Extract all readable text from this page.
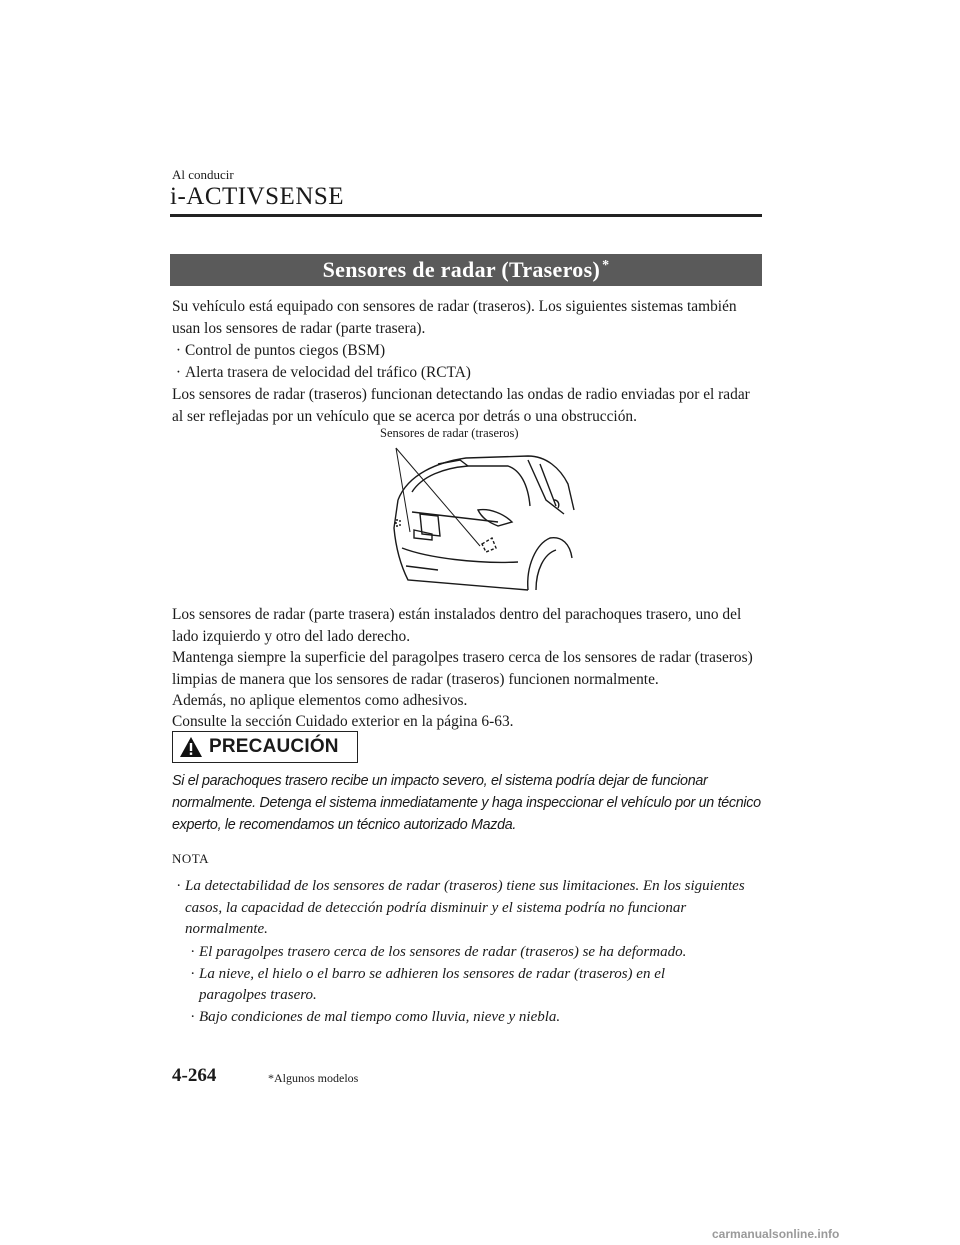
Al conducir
i-ACTIVSENSE
Sensores de radar (Traseros)*
Su vehículo está equipado con sensores de radar (traseros). Los siguientes sistemas también usan los sensores de radar (parte trasera).
· Control de puntos ciegos (BSM)
· Alerta trasera de velocidad del tráfico (RCTA)
Los sensores de radar (traseros) funcionan detectando las ondas de radio enviadas por el radar al ser reflejadas por un vehículo que se acerca por detrás o una obstrucción.
Sensores de radar (traseros)
Los sensores de radar (parte trasera) están instalados dentro del parachoques trasero, uno del lado izquierdo y otro del lado derecho.
Mantenga siempre la superficie del paragolpes trasero cerca de los sensores de radar (traseros) limpias de manera que los sensores de radar (traseros) funcionen normalmente.
Además, no aplique elementos como adhesivos.
Consulte la sección Cuidado exterior en la página 6-63.
PRECAUCIÓN
Si el parachoques trasero recibe un impacto severo, el sistema podría dejar de funcionar normalmente. Detenga el sistema inmediatamente y haga inspeccionar el vehículo por un técnico experto, le recomendamos un técnico autorizado Mazda.
NOTA
· La detectabilidad de los sensores de radar (traseros) tiene sus limitaciones. En los siguientes casos, la capacidad de detección podría disminuir y el sistema podría no funcionar normalmente.
· El paragolpes trasero cerca de los sensores de radar (traseros) se ha deformado.
· La nieve, el hielo o el barro se adhieren los sensores de radar (traseros) en el paragolpes trasero.
· Bajo condiciones de mal tiempo como lluvia, nieve y niebla.
4-264	*Algunos modelos
carmanualsonline.info
